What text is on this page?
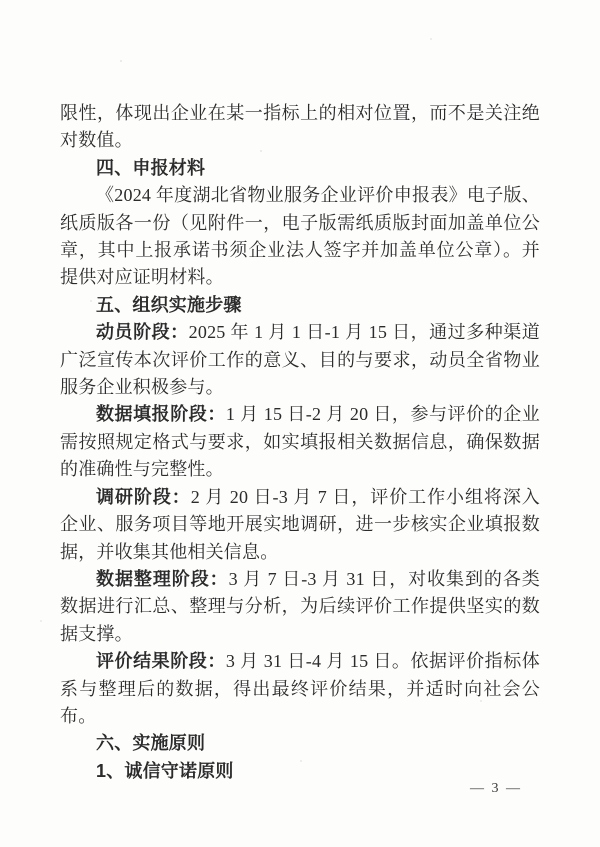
限性，体现出企业在某一指标上的相对位置，而不是关注绝对数值。

四、申报材料

《2024 年度湖北省物业服务企业评价申报表》电子版、纸质版各一份（见附件一，电子版需纸质版封面加盖单位公章，其中上报承诺书须企业法人签字并加盖单位公章）。并提供对应证明材料。

五、组织实施步骤

动员阶段：2025 年 1 月 1 日-1 月 15 日，通过多种渠道广泛宣传本次评价工作的意义、目的与要求，动员全省物业服务企业积极参与。

数据填报阶段：1 月 15 日-2 月 20 日，参与评价的企业需按照规定格式与要求，如实填报相关数据信息，确保数据的准确性与完整性。

调研阶段：2 月 20 日-3 月 7 日，评价工作小组将深入企业、服务项目等地开展实地调研，进一步核实企业填报数据，并收集其他相关信息。

数据整理阶段：3 月 7 日-3 月 31 日，对收集到的各类数据进行汇总、整理与分析，为后续评价工作提供坚实的数据支撑。

评价结果阶段：3 月 31 日-4 月 15 日。依据评价指标体系与整理后的数据，得出最终评价结果，并适时向社会公布。

六、实施原则

1、诚信守诺原则

— 3 —
